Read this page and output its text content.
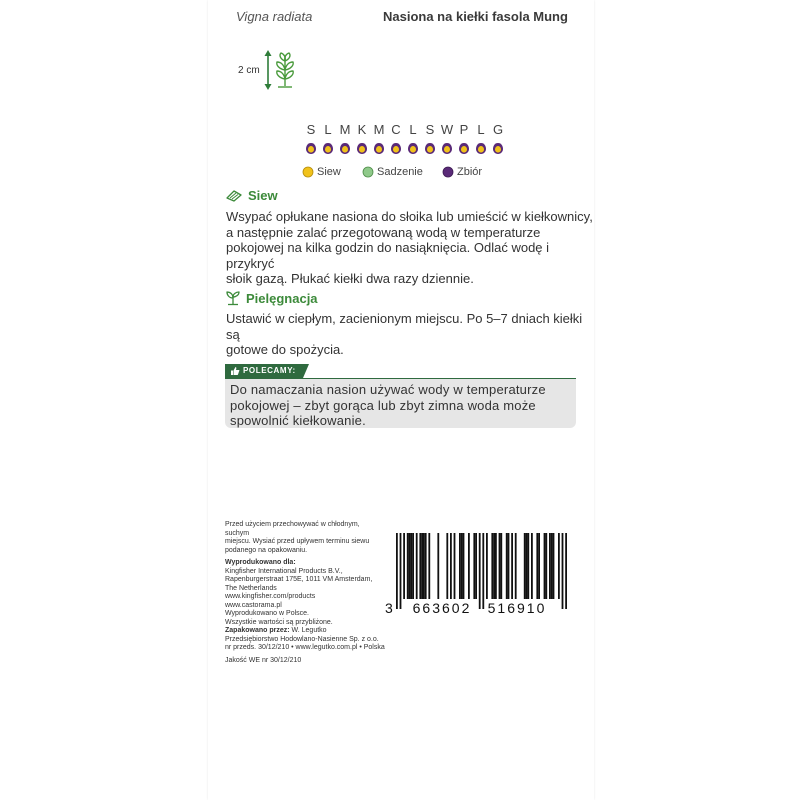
Vigna radiata	Nasiona na kiełki fasola Mung
2 cm
S L M K M C L S W P L G
Siew	Sadzenie	Zbiór
Siew
Wsypać opłukane nasiona do słoika lub umieścić w kiełkownicy,
a następnie zalać przegotowaną wodą w temperaturze
pokojowej na kilka godzin do nasiąknięcia. Odlać wodę i przykryć
słoik gazą. Płukać kiełki dwa razy dziennie.
Pielęgnacja
Ustawić w ciepłym, zacienionym miejscu. Po 5–7 dniach kiełki są
gotowe do spożycia.
POLECAMY:
Do namaczania nasion używać wody w temperaturze
pokojowej – zbyt gorąca lub zbyt zimna woda może
spowolnić kiełkowanie.

Przed użyciem przechowywać w chłodnym, suchym

miejscu. Wysiać przed upływem terminu siewu

podanego na opakowaniu.

Wyprodukowano dla:

Kingfisher International Products B.V.,

Rapenburgerstraat 175E, 1011 VM Amsterdam,

The Netherlands

www.kingfisher.com/products

www.castorama.pl

Wyprodukowano w Polsce.

Wszystkie wartości są przybliżone.

Zapakowano przez: W. Legutko

Przedsiębiorstwo Hodowlano-Nasienne Sp. z o.o.

nr przeds. 30/12/210 • www.legutko.com.pl • Polska

Jakość WE nr 30/12/210

3 663602 516910
